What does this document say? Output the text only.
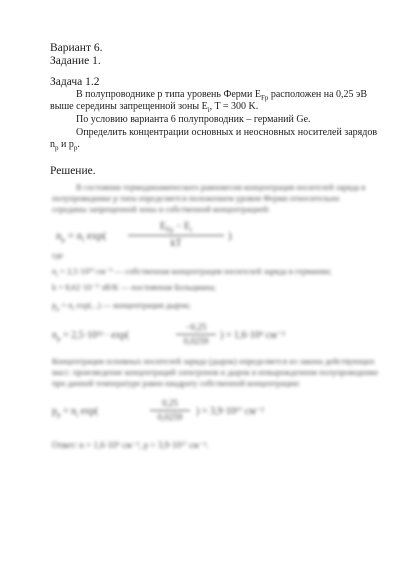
Вариант 6.
Задание 1.
Задача 1.2
В полупроводнике p типа уровень Ферми $E_{Fp}$ расположен на 0,25 эВ
выше середины запрещенной зоны $E_i$, T = 300 K.
По условию варианта 6 полупроводник – германий Ge.
Определить концентрации основных и неосновных носителей зарядов
$n_p$ и $p_p$.
Решение.
В состоянии термодинамического равновесия концентрация носителей заряда в
полупроводнике p типа определяется положением уровня Ферми относительно
середины запрещенной зоны и собственной концентрацией:
$n_p = n_i$ exp(
$E_{Fp} - E_i$
kT
)
где
$n_i = 2,5\cdot 10^{13}$ см⁻³ — собственная концентрация носителей заряда в германии;
k = 8,62·10⁻⁵ эВ/К — постоянная Больцмана;
$p_p = n_i$ exp(...) — концентрация дырок;
$n_p = 2,5\cdot 10^{13} \cdot \exp$(
−0,25
0,0259	) = 1,6·10⁹ см⁻³
Концентрация основных носителей заряда (дырок) определяется из закона действующих
масс: произведение концентраций электронов и дырок в невырожденном полупроводнике
при данной температуре равно квадрату собственной концентрации:
$p_p = n_i$ exp(
0,25
0,0259	) = 3,9·10¹⁷ см⁻³
Ответ: n = 1,6·10⁹ см⁻³, p = 3,9·10¹⁷ см⁻³.
